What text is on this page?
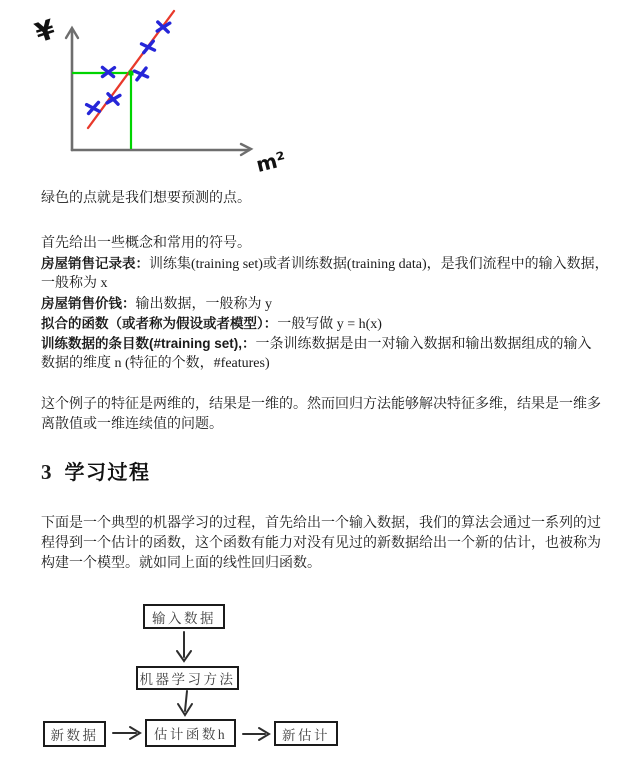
¥
m²
绿色的点就是我们想要预测的点。
首先给出一些概念和常用的符号。
房屋销售记录表：训练集(training set)或者训练数据(training data)，是我们流程中的输入数据，
一般称为 x
房屋销售价钱：输出数据，一般称为 y
拟合的函数（或者称为假设或者模型）：一般写做 y = h(x)
训练数据的条目数(#training set),：一条训练数据是由一对输入数据和输出数据组成的输入
数据的维度 n (特征的个数，#features)
这个例子的特征是两维的，结果是一维的。然而回归方法能够解决特征多维，结果是一维多
离散值或一维连续值的问题。
3 学习过程
下面是一个典型的机器学习的过程，首先给出一个输入数据，我们的算法会通过一系列的过
程得到一个估计的函数，这个函数有能力对没有见过的新数据给出一个新的估计，也被称为
构建一个模型。就如同上面的线性回归函数。
输入数据
机器学习方法
新数据	估计函数h	新估计
